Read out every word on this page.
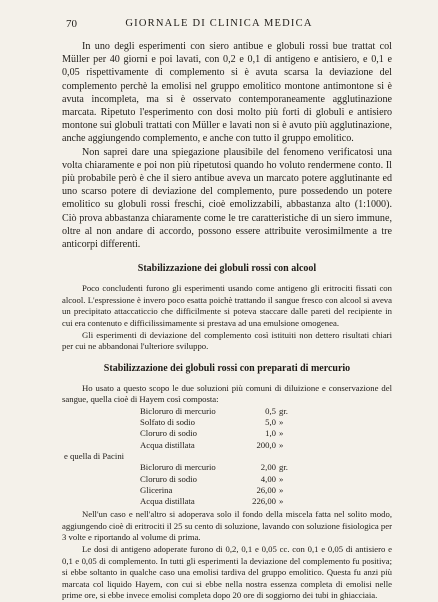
70	GIORNALE DI CLINICA MEDICA

In uno degli esperimenti con siero antibue e globuli rossi bue trattat col Müller per 40 giorni e poi lavati, con 0,2 e 0,1 di antigeno e antisiero, e 0,1 e 0,05 rispettivamente di complemento si è avuta scarsa la deviazione del complemento perchè la emolisi nel gruppo emolitico montone antimontone si è avuta incompleta, ma si è osservato contemporaneamente agglutinazione marcata. Ripetuto l'esperimento con dosi molto più forti di globuli e antisiero montone sui globuli trattati con Müller e lavati non si è avuto più agglutinazione, anche aggiungendo complemento, e anche con tutto il gruppo emolitico.

Non saprei dare una spiegazione plausibile del fenomeno verificatosi una volta chiaramente e poi non più ripetutosi quando ho voluto rendermene conto. Il più probabile però è che il siero antibue aveva un marcato potere agglutinante ed uno scarso potere di deviazione del complemento, pure possedendo un potere emolitico su globuli rossi freschi, cioè emolizzabili, abbastanza alto (1:1000). Ciò prova abbastanza chiaramente come le tre caratteristiche di un siero immune, oltre al non andare di accordo, possono essere attribuite verosimilmente a tre anticorpi differenti.

Stabilizzazione dei globuli rossi con alcool

Poco concludenti furono gli esperimenti usando come antigeno gli eritrociti fissati con alcool. L'espressione è invero poco esatta poichè trattando il sangue fresco con alcool si aveva un precipitato attaccaticcio che difficilmente si poteva staccare dalle pareti del recipiente in cui era contenuto e difficilissimamente si prestava ad una emulsione omogenea.

Gli esperimenti di deviazione del complemento così istituiti non dettero risultati chiari per cui ne abbandonai l'ulteriore sviluppo.

Stabilizzazione dei globuli rossi con preparati di mercurio

Ho usato a questo scopo le due soluzioni più comuni di diluizione e conservazione del sangue, quella cioè di Hayem così composta:

Bicloruro di mercurio	0,5 gr.
Solfato di sodio	5,0 »
Cloruro di sodio	1,0 »
Acqua distillata	200,0 »

e quella di Pacini

Bicloruro di mercurio	2,00 gr.
Cloruro di sodio	4,00 »
Glicerina	26,00 »
Acqua distillata	226,00 »

Nell'un caso e nell'altro si adoperava solo il fondo della miscela fatta nel solito modo, aggiungendo cioè di eritrociti il 25 su cento di soluzione, lavando con soluzione fisiologica per 3 volte e riportando al volume di prima.

Le dosi di antigeno adoperate furono di 0,2, 0,1 e 0,05 cc. con 0,1 e 0,05 di antisiero e 0,1 e 0,05 di complemento. In tutti gli esperimenti la deviazione del complemento fu positiva; si ebbe soltanto in qualche caso una emolisi tardiva del gruppo emolitico. Questa fu anzi più marcata col liquido Hayem, con cui si ebbe nella nostra essenza completa di emolisi nelle prime ore, si ebbe invece emolisi completa dopo 20 ore di soggiorno dei tubi in ghiacciaia.
